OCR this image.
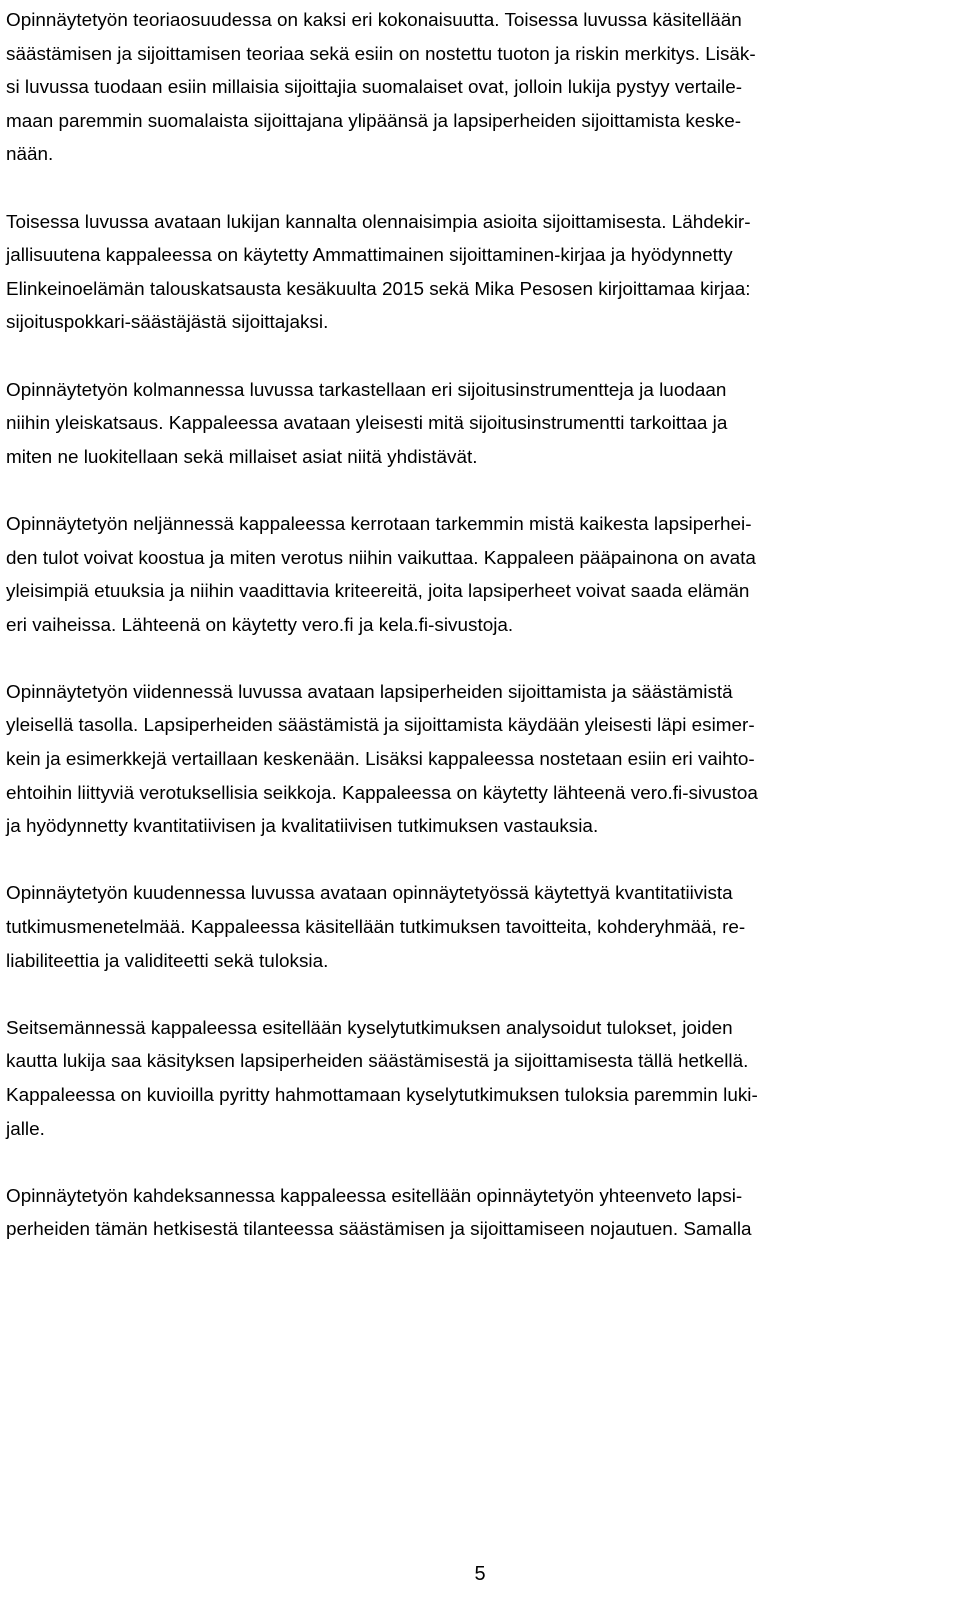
Opinnäytetyön teoriaosuudessa on kaksi eri kokonaisuutta. Toisessa luvussa käsitellään
säästämisen ja sijoittamisen teoriaa sekä esiin on nostettu tuoton ja riskin merkitys. Lisäk-
si luvussa tuodaan esiin millaisia sijoittajia suomalaiset ovat, jolloin lukija pystyy vertaile-
maan paremmin suomalaista sijoittajana ylipäänsä ja lapsiperheiden sijoittamista keske-
nään.

Toisessa luvussa avataan lukijan kannalta olennaisimpia asioita sijoittamisesta. Lähdekir-
jallisuutena kappaleessa on käytetty Ammattimainen sijoittaminen-kirjaa ja hyödynnetty
Elinkeinoelämän talouskatsausta kesäkuulta 2015 sekä Mika Pesosen kirjoittamaa kirjaa:
sijoituspokkari-säästäjästä sijoittajaksi.

Opinnäytetyön kolmannessa luvussa tarkastellaan eri sijoitusinstrumentteja ja luodaan
niihin yleiskatsaus. Kappaleessa avataan yleisesti mitä sijoitusinstrumentti tarkoittaa ja
miten ne luokitellaan sekä millaiset asiat niitä yhdistävät.

Opinnäytetyön neljännessä kappaleessa kerrotaan tarkemmin mistä kaikesta lapsiperhei-
den tulot voivat koostua ja miten verotus niihin vaikuttaa. Kappaleen pääpainona on avata
yleisimpiä etuuksia ja niihin vaadittavia kriteereitä, joita lapsiperheet voivat saada elämän
eri vaiheissa. Lähteenä on käytetty vero.fi ja kela.fi-sivustoja.

Opinnäytetyön viidennessä luvussa avataan lapsiperheiden sijoittamista ja säästämistä
yleisellä tasolla. Lapsiperheiden säästämistä ja sijoittamista käydään yleisesti läpi esimer-
kein ja esimerkkejä vertaillaan keskenään. Lisäksi kappaleessa nostetaan esiin eri vaihto-
ehtoihin liittyviä verotuksellisia seikkoja. Kappaleessa on käytetty lähteenä vero.fi-sivustoa
ja hyödynnetty kvantitatiivisen ja kvalitatiivisen tutkimuksen vastauksia.

Opinnäytetyön kuudennessa luvussa avataan opinnäytetyössä käytettyä kvantitatiivista
tutkimusmenetelmää. Kappaleessa käsitellään tutkimuksen tavoitteita, kohderyhmää, re-
liabiliteettia ja validiteetti sekä tuloksia.

Seitsemännessä kappaleessa esitellään kyselytutkimuksen analysoidut tulokset, joiden
kautta lukija saa käsityksen lapsiperheiden säästämisestä ja sijoittamisesta tällä hetkellä.
Kappaleessa on kuvioilla pyritty hahmottamaan kyselytutkimuksen tuloksia paremmin luki-
jalle.

Opinnäytetyön kahdeksannessa kappaleessa esitellään opinnäytetyön yhteenveto lapsi-
perheiden tämän hetkisestä tilanteessa säästämisen ja sijoittamiseen nojautuen. Samalla

5
